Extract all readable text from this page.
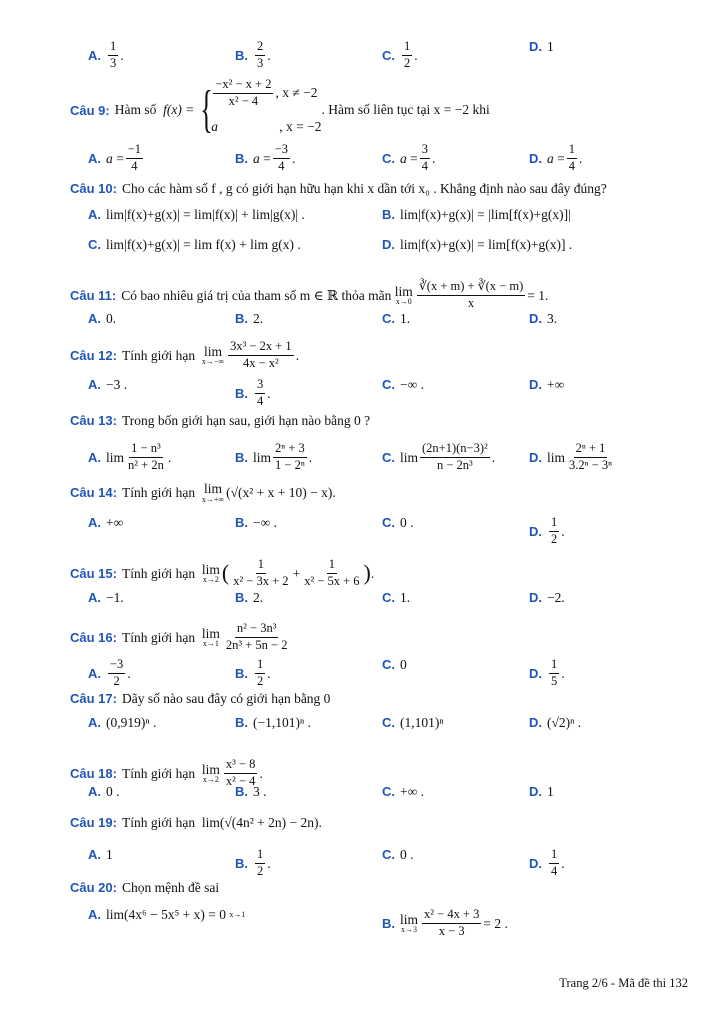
A. $\frac{1}{3}$ .	B. $\frac{2}{3}$ .	C. $\frac{1}{2}$ .
D. 1
Câu 9: Hàm số
f(x) = { $\frac{\text{−x² − x + 2}}{\text{x² − 4}}$ , x ≠ −2
a	, x = −2
. Hàm số liên tục tại x = −2 khi
A. $a = \frac{-1}{4}$	B. $a = \frac{-3}{4}$ .	C. $a = \frac{3}{4}$ .	D. $a = \frac{1}{4}$ .
Câu 10: Cho các hàm số f , g có giới hạn hữu hạn khi x dần tới x₀ . Khẳng định nào sau đây đúng?
A. lim|f(x)+g(x)| = lim|f(x)| + lim|g(x)| .	B. lim|f(x)+g(x)| = |lim[f(x)+g(x)]|
C. lim|f(x)+g(x)| = lim f(x) + lim g(x) .	D. lim|f(x)+g(x)| = lim[f(x)+g(x)] .
Câu 11: Có bao nhiêu giá trị của tham số m ∈ ℝ thỏa mãn
lim
$x\to 0 \frac{∛(x + m) + ∛(x - m)}{x} = 1$.
A. 0.	B. 2.	C. 1.	D. 3.
Câu 12: Tính giới hạn
lim
$x\to-\infty \frac{\text{3x³ − 2x + 1}}{\text{4x − x²}}$ .
A. −3 .
B. $\frac{3}{4}$ .
C. −∞ .	D. +∞
Câu 13: Trong bốn giới hạn sau, giới hạn nào bằng 0 ?
A. $\lim \frac{\text{1 − n³}}{\text{n² + 2n}}$ .	B. $\lim \frac{\text{2ⁿ + 3}}{\text{1 − 2ⁿ}}$ .	C. $\lim \frac{\text{(2n+1)(n−3)²}}{\text{n − 2n³}}$ .	D. $\lim \frac{\text{2ⁿ + 1}}{\text{3.2ⁿ − 3ⁿ}}$
Câu 14: Tính giới hạn
lim
x→+∞ (√(x² + x + 10) − x).
A. +∞	B. −∞ .	C. 0 .
D. $\frac{1}{2}$ .
Câu 15: Tính giới hạn
lim
x→2 ( $\frac{1}{\text{x² − 3x + 2}} + \frac{1}{\text{x² − 5x + 6}}$ ) .
A. −1.	B. 2.	C. 1.	D. −2.
Câu 16: Tính giới hạn
lim
$x\to 1 \frac{\text{n² − 3n³}}{\text{2n³ + 5n − 2}}$
A. $\frac{-3}{2}$ .	B. $\frac{1}{2}$ .
C. 0
D. $\frac{1}{5}$ .
Câu 17: Dãy số nào sau đây có giới hạn bằng 0
A. (0,919)ⁿ .	B. (−1,101)ⁿ .	C. (1,101)ⁿ	D. (√2)ⁿ .
Câu 18: Tính giới hạn
lim
$x\to 2 \frac{\text{x³ − 8}}{\text{x² − 4}}$ .
A. 0 .	B. 3 .	C. +∞ .	D. 1
Câu 19: Tính giới hạn
lim(√(4n² + 2n) − 2n).
A. 1
B. $\frac{1}{2}$ .
C. 0 .
D. $\frac{1}{4}$ .
Câu 20: Chọn mệnh đề sai
A. lim(4x⁶ − 5x⁵ + x) = 0
x→1
B. lim
$x\to 3 \frac{\text{x² − 4x + 3}}{x - 3} = 2$ .
Trang 2/6 - Mã đề thi 132
